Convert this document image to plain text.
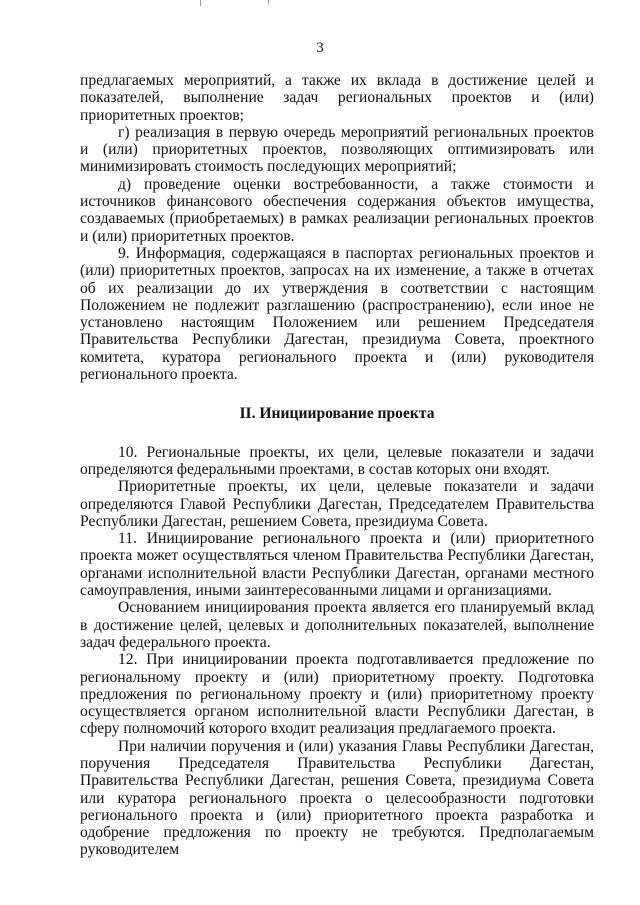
3

предлагаемых мероприятий, а также их вклада в достижение целей и показателей, выполнение задач региональных проектов и (или) приоритетных проектов;

г) реализация в первую очередь мероприятий региональных проектов и (или) приоритетных проектов, позволяющих оптимизировать или минимизировать стоимость последующих мероприятий;

д) проведение оценки востребованности, а также стоимости и источников финансового обеспечения содержания объектов имущества, создаваемых (приобретаемых) в рамках реализации региональных проектов и (или) приоритетных проектов.

9. Информация, содержащаяся в паспортах региональных проектов и (или) приоритетных проектов, запросах на их изменение, а также в отчетах об их реализации до их утверждения в соответствии с настоящим Положением не подлежит разглашению (распространению), если иное не установлено настоящим Положением или решением Председателя Правительства Республики Дагестан, президиума Совета, проектного комитета, куратора регионального проекта и (или) руководителя регионального проекта.

II. Инициирование проекта

10. Региональные проекты, их цели, целевые показатели и задачи определяются федеральными проектами, в состав которых они входят.

Приоритетные проекты, их цели, целевые показатели и задачи определяются Главой Республики Дагестан, Председателем Правительства Республики Дагестан, решением Совета, президиума Совета.

11. Инициирование регионального проекта и (или) приоритетного проекта может осуществляться членом Правительства Республики Дагестан, органами исполнительной власти Республики Дагестан, органами местного самоуправления, иными заинтересованными лицами и организациями.

Основанием инициирования проекта является его планируемый вклад в достижение целей, целевых и дополнительных показателей, выполнение задач федерального проекта.

12. При инициировании проекта подготавливается предложение по региональному проекту и (или) приоритетному проекту. Подготовка предложения по региональному проекту и (или) приоритетному проекту осуществляется органом исполнительной власти Республики Дагестан, в сферу полномочий которого входит реализация предлагаемого проекта.

При наличии поручения и (или) указания Главы Республики Дагестан, поручения Председателя Правительства Республики Дагестан, Правительства Республики Дагестан, решения Совета, президиума Совета или куратора регионального проекта о целесообразности подготовки регионального проекта и (или) приоритетного проекта разработка и одобрение предложения по проекту не требуются. Предполагаемым руководителем
